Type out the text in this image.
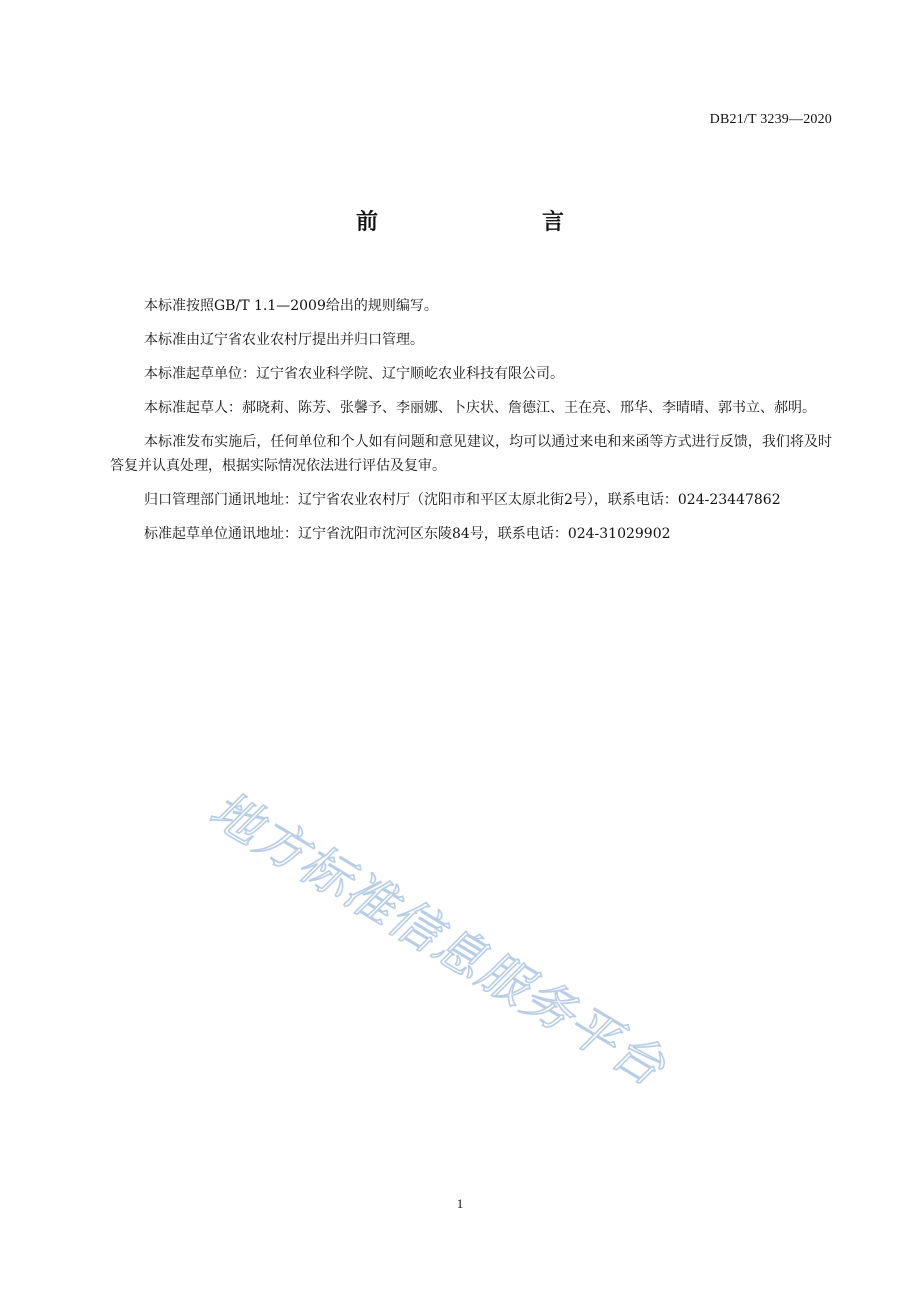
DB21/T 3239—2020
前　　言

本标准按照GB/T 1.1—2009给出的规则编写。

本标准由辽宁省农业农村厅提出并归口管理。

本标准起草单位：辽宁省农业科学院、辽宁顺屹农业科技有限公司。

本标准起草人：郝晓莉、陈芳、张馨予、李丽娜、卜庆状、詹德江、王在亮、邢华、李晴晴、郭书立、郝明。

本标准发布实施后，任何单位和个人如有问题和意见建议，均可以通过来电和来函等方式进行反馈，我们将及时答复并认真处理，根据实际情况依法进行评估及复审。

归口管理部门通讯地址：辽宁省农业农村厅（沈阳市和平区太原北街2号），联系电话：024-23447862

标准起草单位通讯地址：辽宁省沈阳市沈河区东陵84号，联系电话：024-31029902

地方标准信息服务平台
1
